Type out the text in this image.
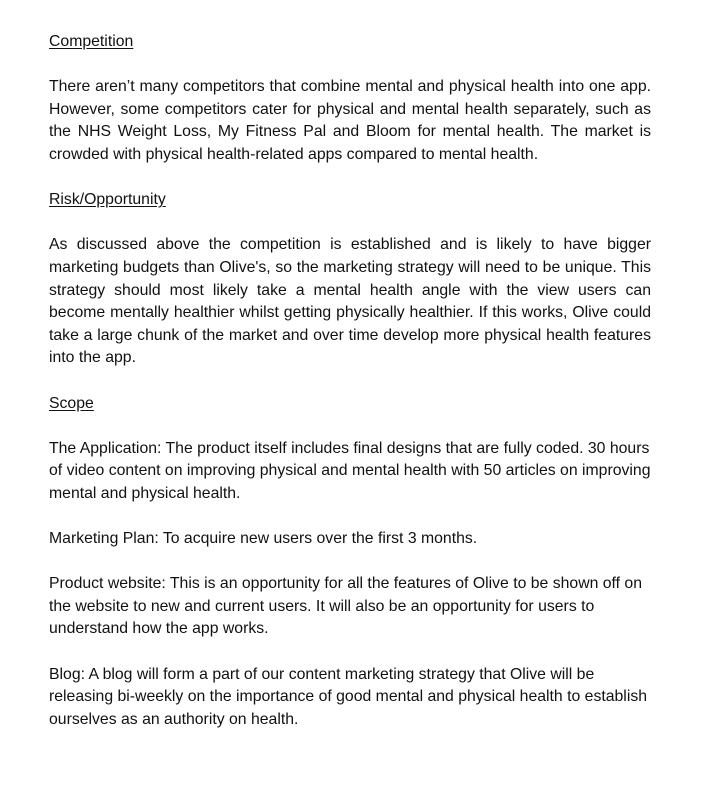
Competition

There aren’t many competitors that combine mental and physical health into one app. However, some competitors cater for physical and mental health separately, such as the NHS Weight Loss, My Fitness Pal and Bloom for mental health. The market is crowded with physical health-related apps compared to mental health.

Risk/Opportunity

As discussed above the competition is established and is likely to have bigger marketing budgets than Olive's, so the marketing strategy will need to be unique. This strategy should most likely take a mental health angle with the view users can become mentally healthier whilst getting physically healthier. If this works, Olive could take a large chunk of the market and over time develop more physical health features into the app.

Scope

The Application: The product itself includes final designs that are fully coded. 30 hours of video content on improving physical and mental health with 50 articles on improving mental and physical health.

Marketing Plan: To acquire new users over the first 3 months.

Product website: This is an opportunity for all the features of Olive to be shown off on the website to new and current users. It will also be an opportunity for users to understand how the app works.

Blog: A blog will form a part of our content marketing strategy that Olive will be releasing bi-weekly on the importance of good mental and physical health to establish ourselves as an authority on health.
